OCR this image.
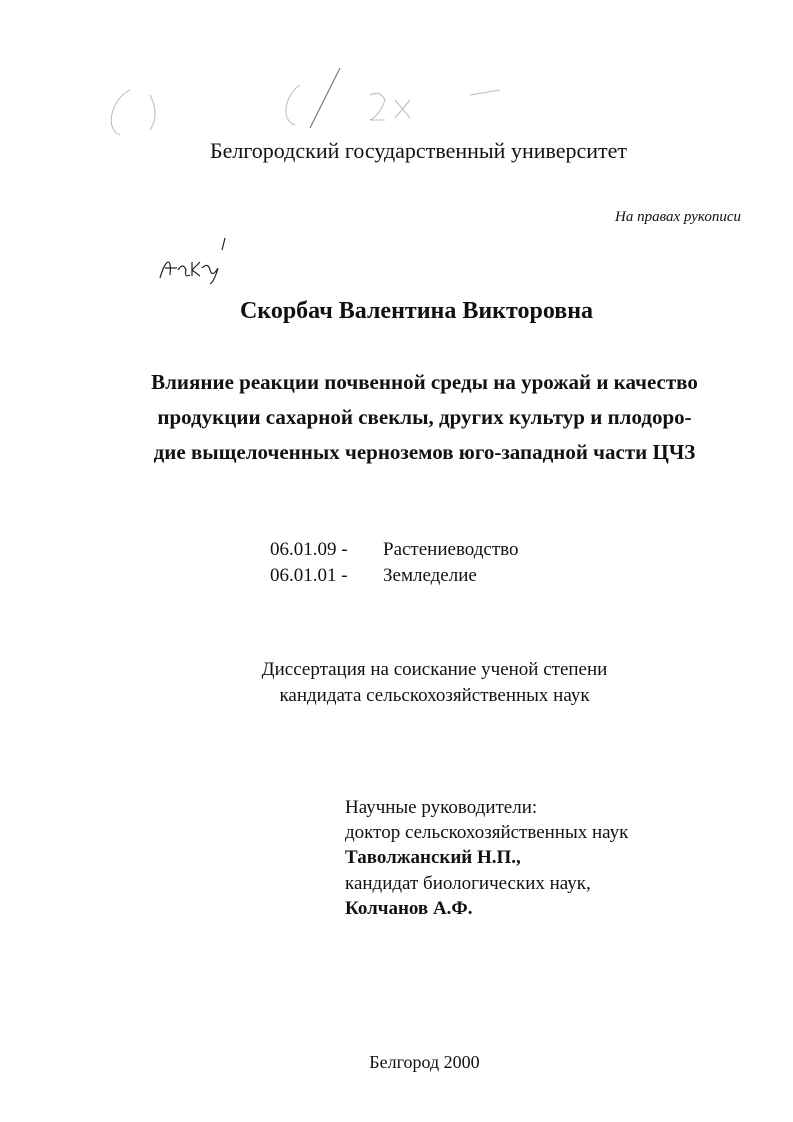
Белгородский государственный университет
На правах рукописи
Скорбач Валентина Викторовна
Влияние реакции почвенной среды на урожай и качество
продукции сахарной свеклы, других культур и плодоро-
дие выщелоченных черноземов юго-западной части ЦЧЗ
06.01.09 - Растениеводство
06.01.01 - Земледелие
Диссертация на соискание ученой степени
кандидата сельскохозяйственных наук
Научные руководители:
доктор сельскохозяйственных наук
Таволжанский Н.П.,
кандидат биологических наук,
Колчанов А.Ф.
Белгород 2000
